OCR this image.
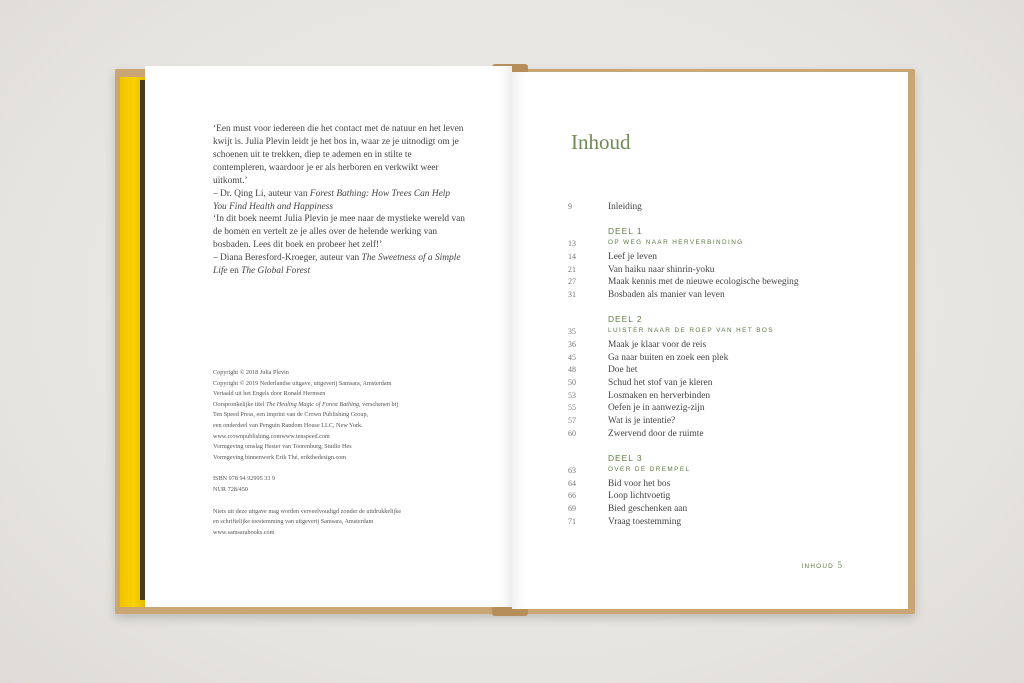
‘Een must voor iedereen die het contact met de natuur en het leven kwijt is. Julia Plevin leidt je het bos in, waar ze je uitnodigt om je schoenen uit te trekken, diep te ademen en in stilte te contempleren, waardoor je er als herboren en verkwikt weer uitkomt.’
– Dr. Qing Li, auteur van Forest Bathing: How Trees Can Help You Find Health and Happiness

‘In dit boek neemt Julia Plevin je mee naar de mystieke wereld van de bomen en vertelt ze je alles over de helende werking van bosbaden. Lees dit boek en probeer het zelf!’
– Diana Beresford-Kroeger, auteur van The Sweetness of a Simple Life en The Global Forest

Copyright © 2018 Julia Plevin
Copyright © 2019 Nederlandse uitgave, uitgeverij Samsara, Amsterdam
Vertaald uit het Engels door Ronald Hermsen
Oorspronkelijke titel The Healing Magic of Forest Bathing, verschenen bij
Ten Speed Press, een imprint van de Crown Publishing Group,
een onderdeel van Penguin Random House LLC, New York.
www.crownpublishing.comwww.tenspeed.com
Vormgeving omslag Hester van Toorenburg, Studio Hes
Vormgeving binnenwerk Erik Thé, erikthedesign.com
ISBN 978 94 92995 33 9
NUR 728/450
Niets uit deze uitgave mag worden verveelvoudigd zonder de uitdrukkelijke
en schriftelijke toestemming van uitgeverij Samsara, Amsterdam
www.samsarabooks.com
Inhoud
9	Inleiding
DEEL 1
13	OP WEG NAAR HERVERBINDING
14	Leef je leven
21	Van haiku naar shinrin-yoku
27	Maak kennis met de nieuwe ecologische beweging
31	Bosbaden als manier van leven
DEEL 2
35	LUISTER NAAR DE ROEP VAN HET BOS
36	Maak je klaar voor de reis
45	Ga naar buiten en zoek een plek
48	Doe het
50	Schud het stof van je kleren
53	Losmaken en herverbinden
55	Oefen je in aanwezig-zijn
57	Wat is je intentie?
60	Zwervend door de ruimte
DEEL 3
63	OVER DE DREMPEL
64	Bid voor het bos
66	Loop lichtvoetig
69	Bied geschenken aan
71	Vraag toestemming
INHOUD 5
